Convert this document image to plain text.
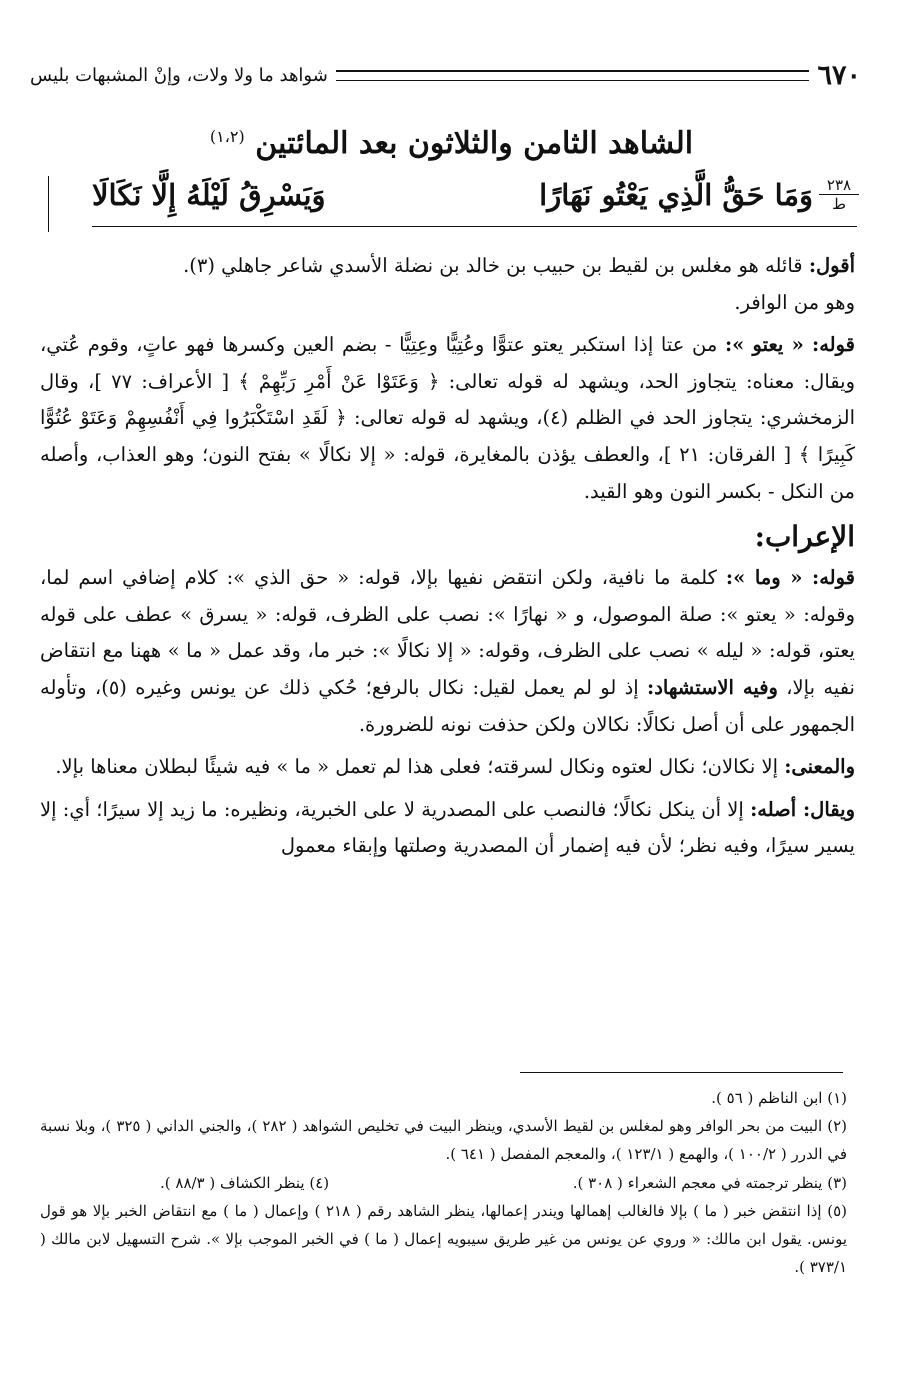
٦٧٠
شواهد ما ولا ولات، وإنْ المشبهات بليس
الشاهد الثامن والثلاثون بعد المائتين $^{(١،٢)}$
٢٣٨
ط
وَمَا حَقُّ الَّذِي يَعْتُو نَهَارًا
وَيَسْرِقُ لَيْلَهُ إِلَّا نَكَالَا

أقول: قائله هو مغلس بن لقيط بن حبيب بن خالد بن نضلة الأسدي شاعر جاهلي (٣).
وهو من الوافر.

قوله: « يعتو »: من عتا إذا استكبر يعتو عتوًّا وعُتِيًّا وعِتِيًّا - بضم العين وكسرها فهو عاتٍ، وقوم عُتي، ويقال: معناه: يتجاوز الحد، ويشهد له قوله تعالى: ﴿ وَعَتَوْا عَنْ أَمْرِ رَبِّهِمْ ﴾ [ الأعراف: ٧٧ ]، وقال الزمخشري: يتجاوز الحد في الظلم (٤)، ويشهد له قوله تعالى: ﴿ لَقَدِ اسْتَكْبَرُوا فِي أَنْفُسِهِمْ وَعَتَوْ عُتُوًّا كَبِيرًا ﴾ [ الفرقان: ٢١ ]، والعطف يؤذن بالمغايرة، قوله: « إلا نكالًا » بفتح النون؛ وهو العذاب، وأصله من النكل - بكسر النون وهو القيد.

الإعراب:

قوله: « وما »: كلمة ما نافية، ولكن انتقض نفيها بإلا، قوله: « حق الذي »: كلام إضافي اسم لما، وقوله: « يعتو »: صلة الموصول، و « نهارًا »: نصب على الظرف، قوله: « يسرق » عطف على قوله يعتو، قوله: « ليله » نصب على الظرف، وقوله: « إلا نكالًا »: خبر ما، وقد عمل « ما » ههنا مع انتقاض نفيه بإلا، وفيه الاستشهاد: إذ لو لم يعمل لقيل: نكال بالرفع؛ حُكي ذلك عن يونس وغيره (٥)، وتأوله الجمهور على أن أصل نكالًا: نكالان ولكن حذفت نونه للضرورة.

والمعنى: إلا نكالان؛ نكال لعتوه ونكال لسرقته؛ فعلى هذا لم تعمل « ما » فيه شيئًا لبطلان معناها بإلا.

ويقال: أصله: إلا أن ينكل نكالًا؛ فالنصب على المصدرية لا على الخبرية، ونظيره: ما زيد إلا سيرًا؛ أي: إلا يسير سيرًا، وفيه نظر؛ لأن فيه إضمار أن المصدرية وصلتها وإبقاء معمول

(١) ابن الناظم ( ٥٦ ).

(٢) البيت من بحر الوافر وهو لمغلس بن لقيط الأسدي، وينظر البيت في تخليص الشواهد ( ٢٨٢ )، والجني الداني ( ٣٢٥ )، وبلا نسبة في الدرر ( ١٠٠/٢ )، والهمع ( ١٢٣/١ )، والمعجم المفصل ( ٦٤١ ).

(٣) ينظر ترجمته في معجم الشعراء ( ٣٠٨ ).
(٤) ينظر الكشاف ( ٨٨/٣ ).

(٥) إذا انتقض خبر ( ما ) بإلا فالغالب إهمالها ويندر إعمالها، ينظر الشاهد رقم ( ٢١٨ ) وإعمال ( ما ) مع انتقاض الخبر بإلا هو قول يونس. يقول ابن مالك: « وروي عن يونس من غير طريق سيبويه إعمال ( ما ) في الخبر الموجب بإلا ». شرح التسهيل لابن مالك ( ٣٧٣/١ ).
